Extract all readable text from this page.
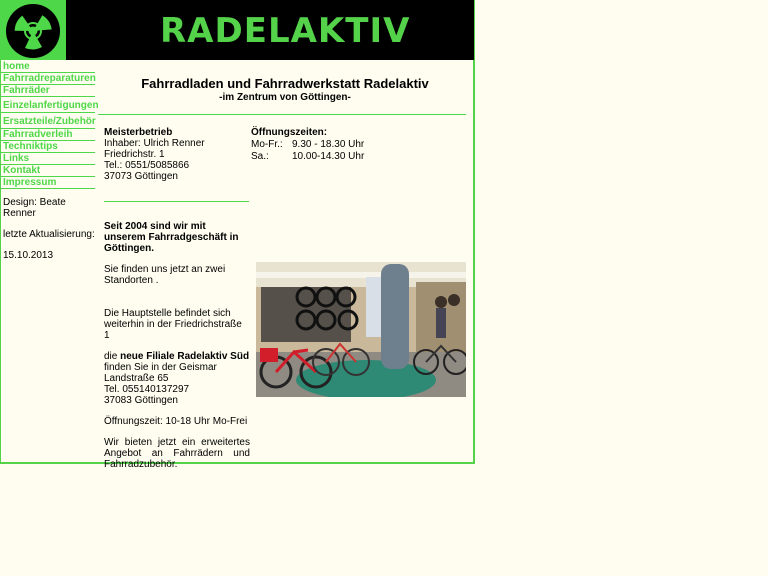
RADELAKTIV
home
Fahrradreparaturen
Fahrräder
Einzelanfertigungen
Ersatzteile/Zubehör
Fahrradverleih
Techniktips
Links
Kontakt
Impressum
Design: Beate Renner
letzte Aktualisierung:
15.10.2013
Fahrradladen und Fahrradwerkstatt Radelaktiv
-im Zentrum von Göttingen-
Meisterbetrieb
Inhaber: Ulrich Renner
Friedrichstr. 1
Tel.: 0551/5085866
37073 Göttingen
Öffnungszeiten:
Mo-Fr.: 9.30 - 18.30 Uhr
Sa.:	10.00-14.30 Uhr

Seit 2004 sind wir mit unserem Fahrradgeschäft in Göttingen.

Sie finden uns jetzt an zwei Standorten .

Die Hauptstelle befindet sich weiterhin in der Friedrichstraße 1

die neue Filiale Radelaktiv Süd
finden Sie in der Geismar
Landstraße 65
Tel. 055140137297
37083 Göttingen

Öffnungszeit: 10-18 Uhr Mo-Frei

Wir bieten jetzt ein erweitertes Angebot an Fahrrädern und Fahrradzubehör.
